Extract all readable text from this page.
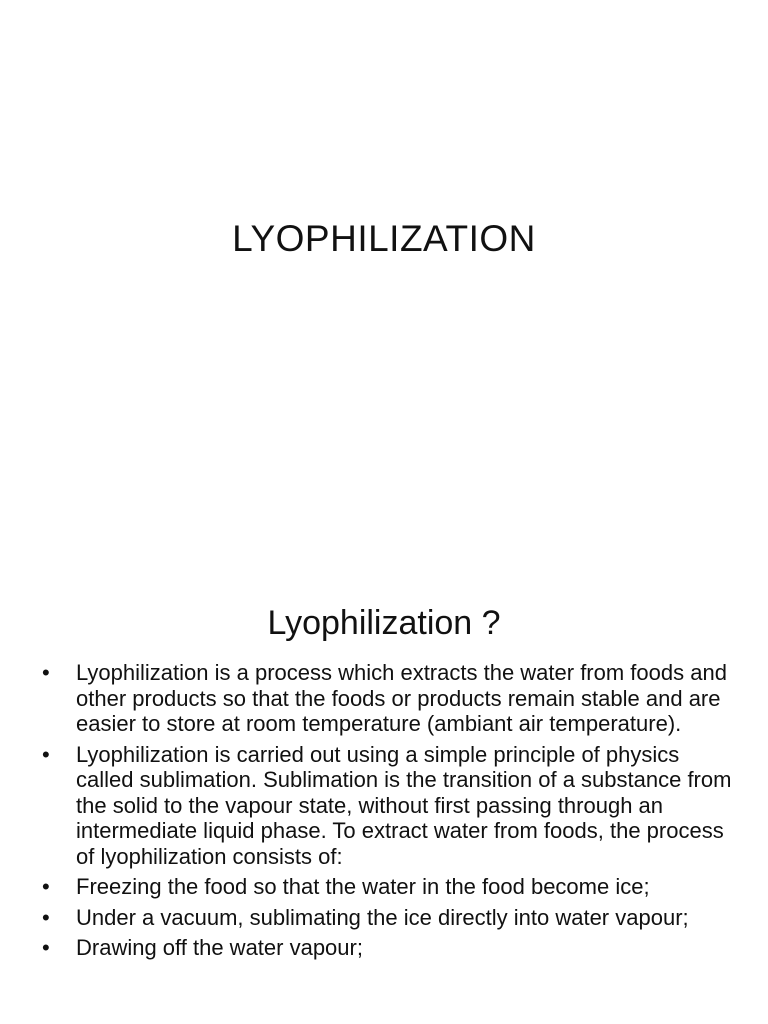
LYOPHILIZATION
Lyophilization ?
• Lyophilization is a process which extracts the water from foods and other products so that the foods or products remain stable and are easier to store at room temperature (ambiant air temperature).
• Lyophilization is carried out using a simple principle of physics called sublimation. Sublimation is the transition of a substance from the solid to the vapour state, without first passing through an intermediate liquid phase. To extract water from foods, the process of lyophilization consists of:
• Freezing the food so that the water in the food become ice;
• Under a vacuum, sublimating the ice directly into water vapour;
• Drawing off the water vapour;
